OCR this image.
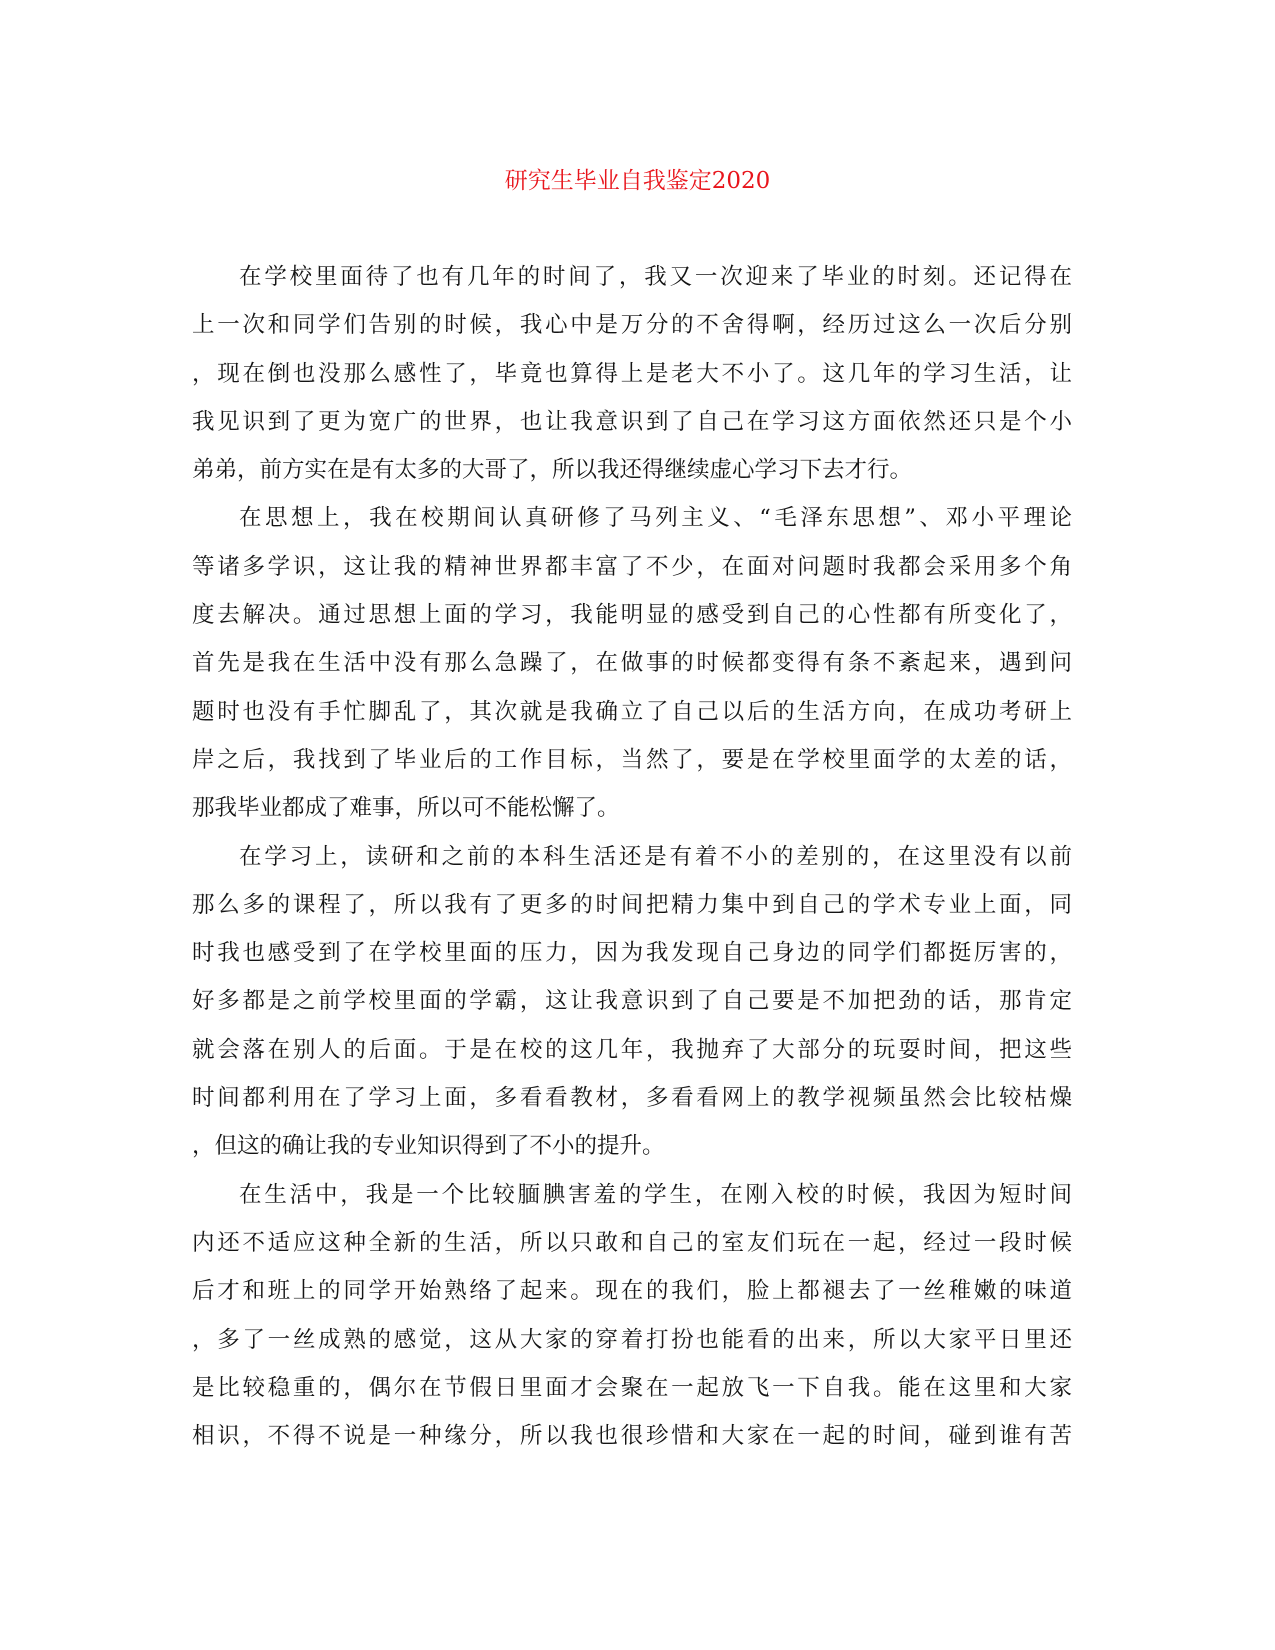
研究生毕业自我鉴定2020
在学校里面待了也有几年的时间了，我又一次迎来了毕业的时刻。还记得在
上一次和同学们告别的时候，我心中是万分的不舍得啊，经历过这么一次后分别
，现在倒也没那么感性了，毕竟也算得上是老大不小了。这几年的学习生活，让
我见识到了更为宽广的世界，也让我意识到了自己在学习这方面依然还只是个小
弟弟，前方实在是有太多的大哥了，所以我还得继续虚心学习下去才行。
在思想上，我在校期间认真研修了马列主义、“毛泽东思想”、邓小平理论
等诸多学识，这让我的精神世界都丰富了不少，在面对问题时我都会采用多个角
度去解决。通过思想上面的学习，我能明显的感受到自己的心性都有所变化了，
首先是我在生活中没有那么急躁了，在做事的时候都变得有条不紊起来，遇到问
题时也没有手忙脚乱了，其次就是我确立了自己以后的生活方向，在成功考研上
岸之后，我找到了毕业后的工作目标，当然了，要是在学校里面学的太差的话，
那我毕业都成了难事，所以可不能松懈了。
在学习上，读研和之前的本科生活还是有着不小的差别的，在这里没有以前
那么多的课程了，所以我有了更多的时间把精力集中到自己的学术专业上面，同
时我也感受到了在学校里面的压力，因为我发现自己身边的同学们都挺厉害的，
好多都是之前学校里面的学霸，这让我意识到了自己要是不加把劲的话，那肯定
就会落在别人的后面。于是在校的这几年，我抛弃了大部分的玩耍时间，把这些
时间都利用在了学习上面，多看看教材，多看看网上的教学视频虽然会比较枯燥
，但这的确让我的专业知识得到了不小的提升。
在生活中，我是一个比较腼腆害羞的学生，在刚入校的时候，我因为短时间
内还不适应这种全新的生活，所以只敢和自己的室友们玩在一起，经过一段时候
后才和班上的同学开始熟络了起来。现在的我们，脸上都褪去了一丝稚嫩的味道
，多了一丝成熟的感觉，这从大家的穿着打扮也能看的出来，所以大家平日里还
是比较稳重的，偶尔在节假日里面才会聚在一起放飞一下自我。能在这里和大家
相识，不得不说是一种缘分，所以我也很珍惜和大家在一起的时间，碰到谁有苦
